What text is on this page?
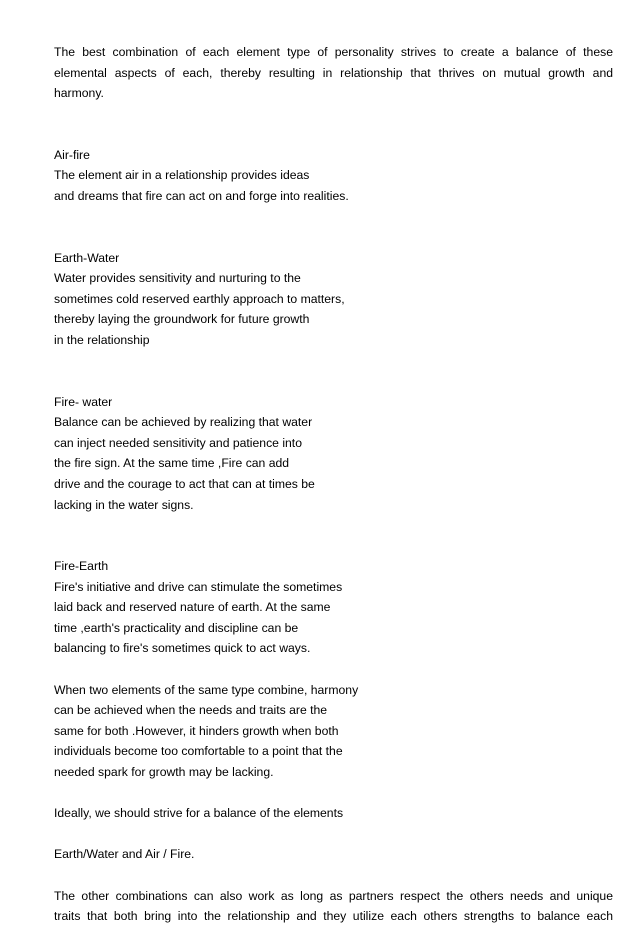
The best combination of each element type of personality strives to create a balance of these
elemental aspects of each, thereby resulting in relationship that thrives on mutual growth and
harmony.
Air-fire
The element air in a relationship provides ideas
and dreams that fire can act on and forge into realities.
Earth-Water
Water provides sensitivity and nurturing to the
sometimes cold reserved earthly approach to matters,
thereby laying the groundwork for future growth
in the relationship
Fire- water
Balance can be achieved by realizing that water
can inject needed sensitivity and patience into
the fire sign. At the same time ,Fire can add
drive and the courage to act that can at times be
lacking in the water signs.
Fire-Earth
Fire's initiative and drive can stimulate the sometimes
laid back and reserved nature of earth. At the same
time ,earth's practicality and discipline can be
balancing to fire's sometimes quick to act ways.
When two elements of the same type combine, harmony
can be achieved when the needs and traits are the
same for both .However, it hinders growth when both
individuals become too comfortable to a point that the
needed spark for growth may be lacking.
Ideally, we should strive for a balance of the elements
Earth/Water and Air / Fire.
The other combinations can also work as long as partners respect the others needs and unique
traits that both bring into the relationship and they utilize each others strengths to balance each
